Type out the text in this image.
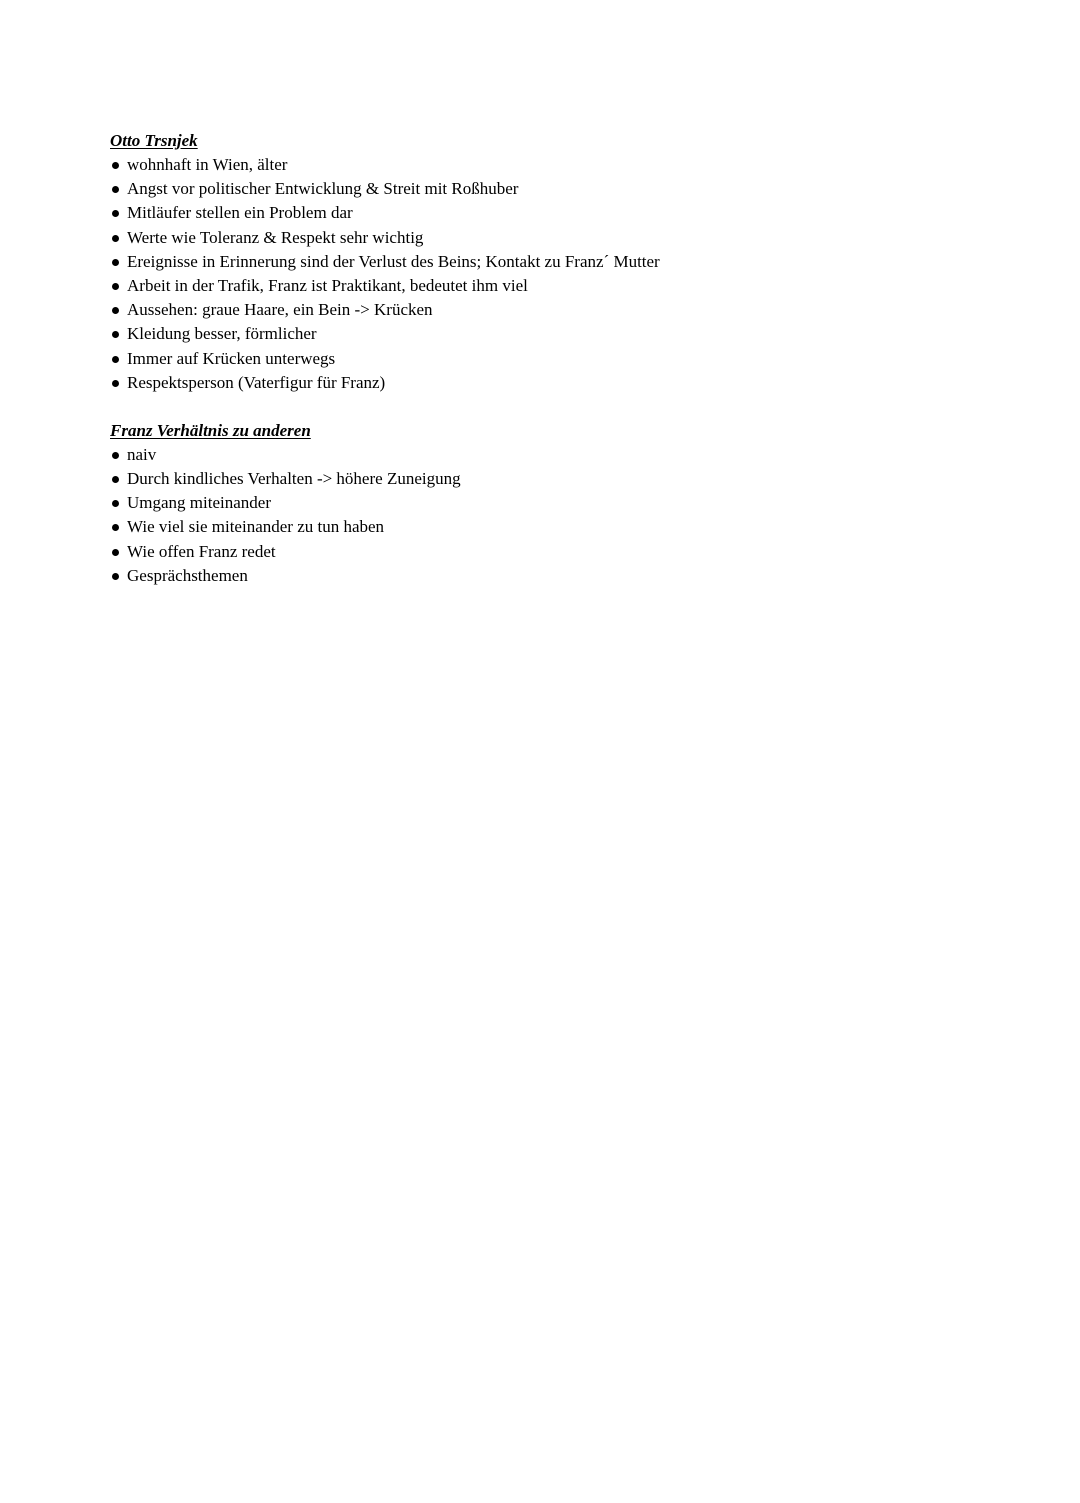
Otto Trsnjek
wohnhaft in Wien, älter
Angst vor politischer Entwicklung & Streit mit Roßhuber
Mitläufer stellen ein Problem dar
Werte wie Toleranz & Respekt sehr wichtig
Ereignisse in Erinnerung sind der Verlust des Beins; Kontakt zu Franz´ Mutter
Arbeit in der Trafik, Franz ist Praktikant, bedeutet ihm viel
Aussehen: graue Haare, ein Bein -> Krücken
Kleidung besser, förmlicher
Immer auf Krücken unterwegs
Respektsperson (Vaterfigur für Franz)
Franz Verhältnis zu anderen
naiv
Durch kindliches Verhalten -> höhere Zuneigung
Umgang miteinander
Wie viel sie miteinander zu tun haben
Wie offen Franz redet
Gesprächsthemen
